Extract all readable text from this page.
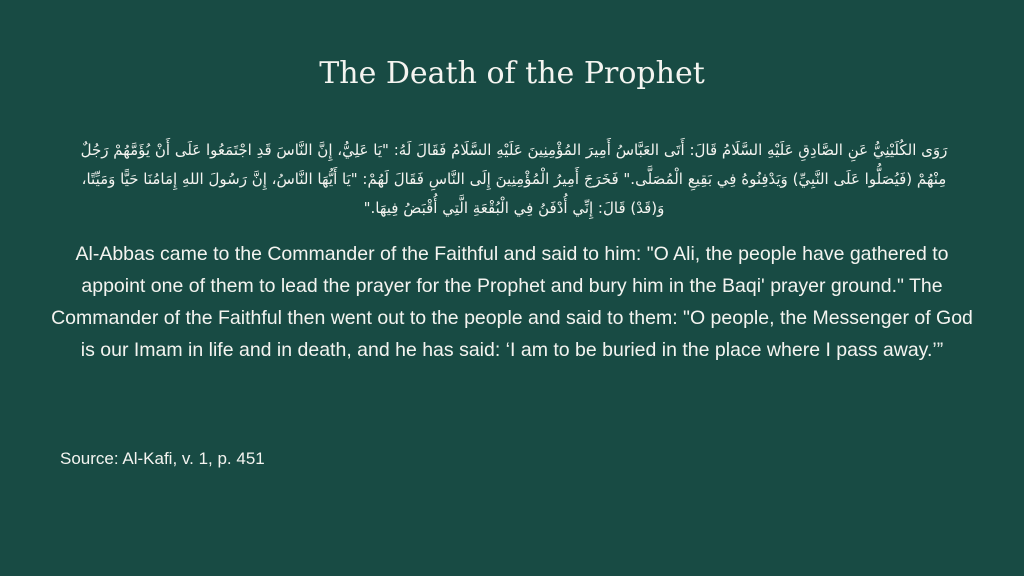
The Death of the Prophet

رَوَى الكُلَيْنِيُّ عَنِ الصَّادِقِ عَلَيْهِ السَّلَامُ قَالَ: أَتَى العَبَّاسُ أَمِيرَ المُؤْمِنِينَ عَلَيْهِ السَّلَامُ فَقَالَ لَهُ: "يَا عَلِيُّ، إِنَّ النَّاسَ قَدِ اجْتَمَعُوا عَلَى أَنْ يُؤَمَّهُمْ رَجُلٌ مِنْهُمْ (فَيُصَلُّوا عَلَى النَّبِيِّ) وَيَدْفِنُوهُ فِي بَقِيعِ الْمُصَلَّى." فَخَرَجَ أَمِيرُ الْمُؤْمِنِينَ إِلَى النَّاسِ فَقَالَ لَهُمْ: "يَا أَيُّهَا النَّاسُ، إِنَّ رَسُولَ اللهِ إِمَامُنَا حَيًّا وَمَيِّتًا، وَ(قَدْ) قَالَ: إِنِّي أُدْفَنُ فِي الْبُقْعَةِ الَّتِي أُقْبَضُ فِيهَا."

Al-Abbas came to the Commander of the Faithful and said to him: "O Ali, the people have gathered to appoint one of them to lead the prayer for the Prophet and bury him in the Baqi' prayer ground." The Commander of the Faithful then went out to the people and said to them: "O people, the Messenger of God is our Imam in life and in death, and he has said: ‘I am to be buried in the place where I pass away.’”

Source: Al-Kafi, v. 1, p. 451
